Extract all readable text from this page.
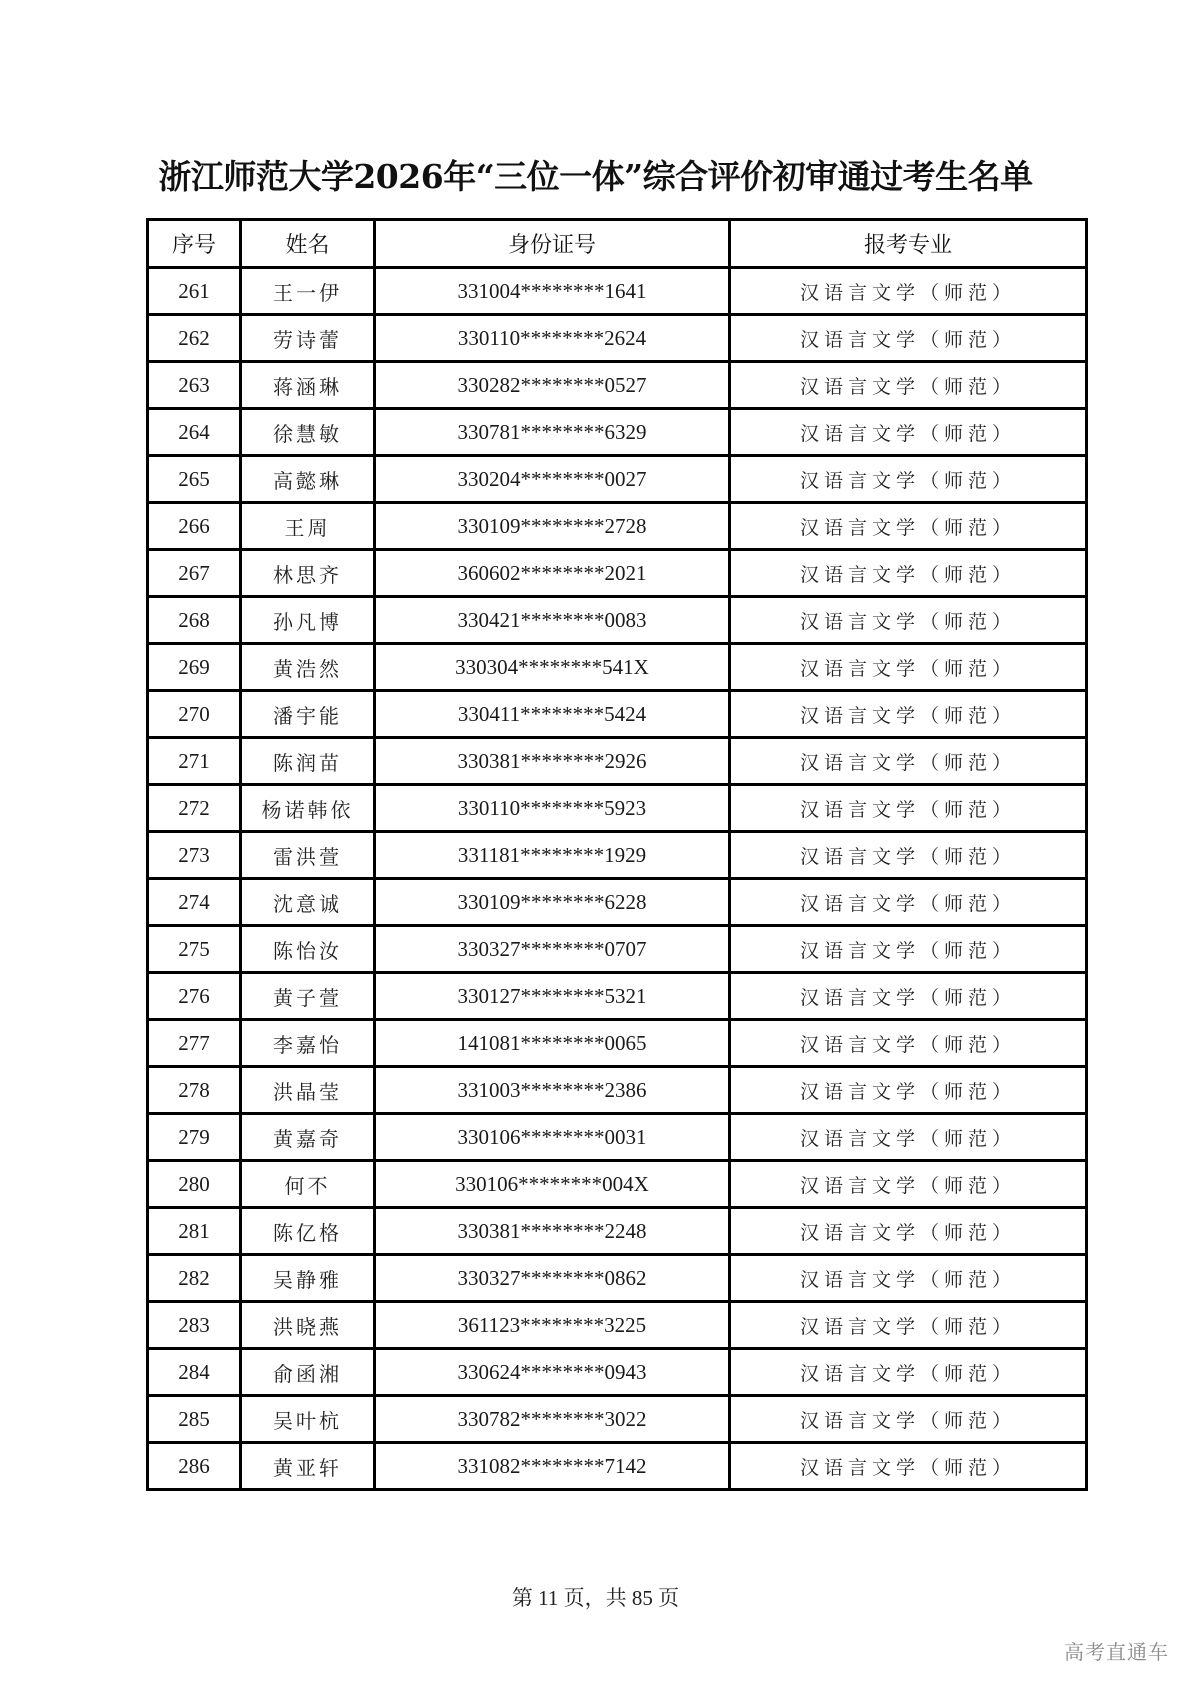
浙江师范大学2026年“三位一体”综合评价初审通过考生名单
序号	姓名	身份证号	报考专业
261	王一伊	331004********1641	汉语言文学（师范）
262	劳诗蕾	330110********2624	汉语言文学（师范）
263	蒋涵琳	330282********0527	汉语言文学（师范）
264	徐慧敏	330781********6329	汉语言文学（师范）
265	高懿琳	330204********0027	汉语言文学（师范）
266	王周	330109********2728	汉语言文学（师范）
267	林思齐	360602********2021	汉语言文学（师范）
268	孙凡博	330421********0083	汉语言文学（师范）
269	黄浩然	330304********541X	汉语言文学（师范）
270	潘宇能	330411********5424	汉语言文学（师范）
271	陈润苗	330381********2926	汉语言文学（师范）
272	杨诺韩依	330110********5923	汉语言文学（师范）
273	雷洪萱	331181********1929	汉语言文学（师范）
274	沈意诚	330109********6228	汉语言文学（师范）
275	陈怡汝	330327********0707	汉语言文学（师范）
276	黄子萱	330127********5321	汉语言文学（师范）
277	李嘉怡	141081********0065	汉语言文学（师范）
278	洪晶莹	331003********2386	汉语言文学（师范）
279	黄嘉奇	330106********0031	汉语言文学（师范）
280	何不	330106********004X	汉语言文学（师范）
281	陈亿格	330381********2248	汉语言文学（师范）
282	吴静雅	330327********0862	汉语言文学（师范）
283	洪晓燕	361123********3225	汉语言文学（师范）
284	俞函湘	330624********0943	汉语言文学（师范）
285	吴叶杭	330782********3022	汉语言文学（师范）
286	黄亚轩	331082********7142	汉语言文学（师范）
第 11 页，共 85 页
高考直通车
